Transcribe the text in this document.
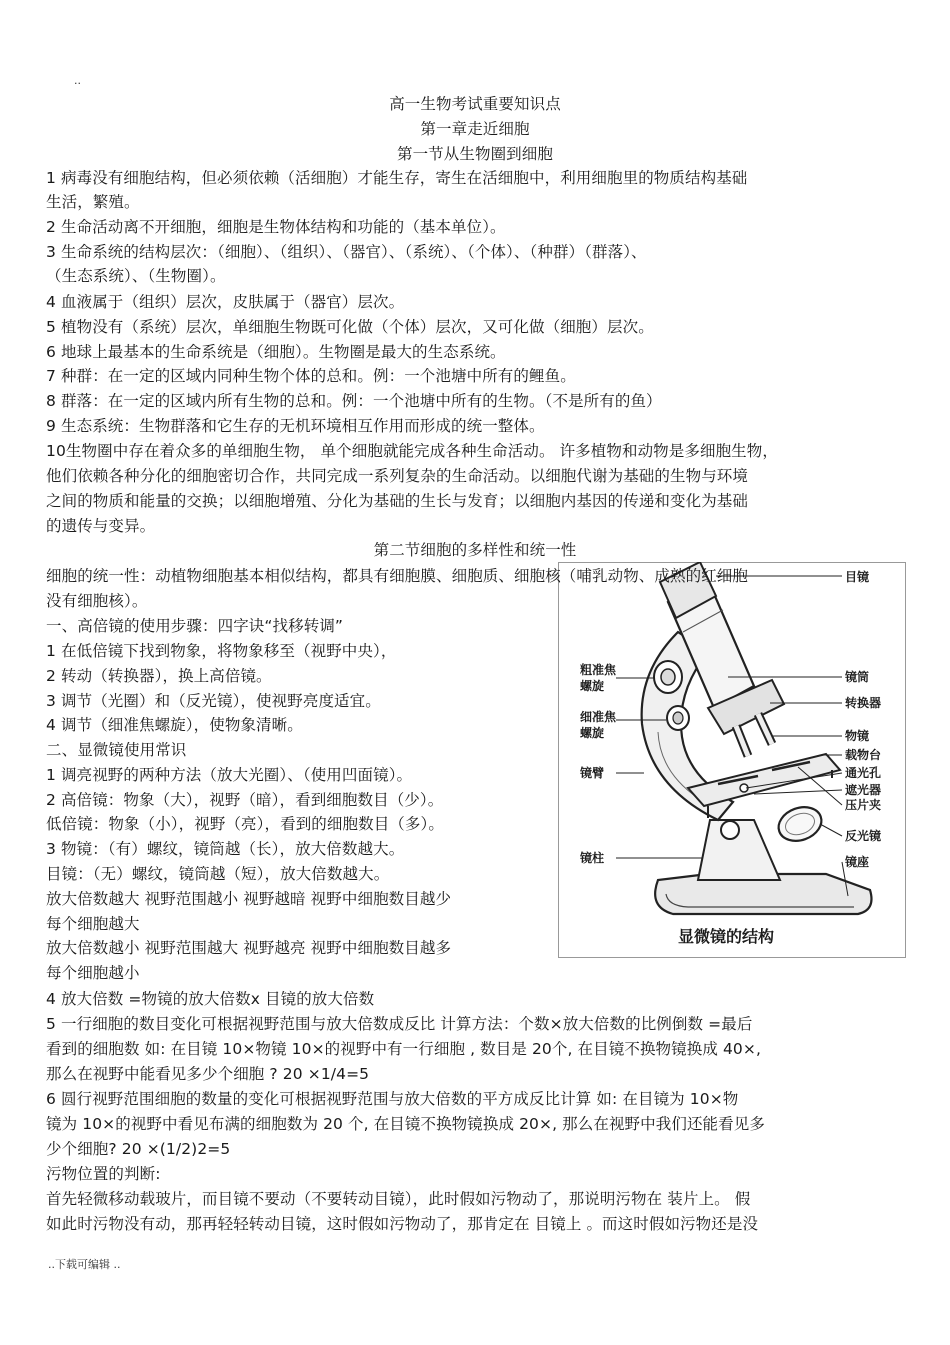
..
高一生物考试重要知识点
第一章走近细胞
第一节从生物圈到细胞
1 病毒没有细胞结构，但必须依赖（活细胞）才能生存，寄生在活细胞中，利用细胞里的物质结构基础
生活，繁殖。
2 生命活动离不开细胞，细胞是生物体结构和功能的（基本单位）。
3 生命系统的结构层次：（细胞）、（组织）、（器官）、（系统）、（个体）、（种群）（群落）、
（生态系统）、（生物圈）。
4 血液属于（组织）层次，皮肤属于（器官）层次。
5 植物没有（系统）层次，单细胞生物既可化做（个体）层次，又可化做（细胞）层次。
6 地球上最基本的生命系统是（细胞）。生物圈是最大的生态系统。
7 种群：在一定的区域内同种生物个体的总和。例：一个池塘中所有的鲤鱼。
8 群落：在一定的区域内所有生物的总和。例：一个池塘中所有的生物。（不是所有的鱼）
9 生态系统：生物群落和它生存的无机环境相互作用而形成的统一整体。
10生物圈中存在着众多的单细胞生物， 单个细胞就能完成各种生命活动。 许多植物和动物是多细胞生物，
他们依赖各种分化的细胞密切合作，共同完成一系列复杂的生命活动。以细胞代谢为基础的生物与环境
之间的物质和能量的交换；以细胞增殖、分化为基础的生长与发育；以细胞内基因的传递和变化为基础
的遗传与变异。
第二节细胞的多样性和统一性
粗准焦
螺旋
细准焦
螺旋
镜臂
镜柱
目镜
镜筒
转换器
物镜
载物台
通光孔
遮光器
压片夹
反光镜
镜座
显微镜的结构
细胞的统一性：动植物细胞基本相似结构，都具有细胞膜、细胞质、细胞核（哺乳动物、成熟的红细胞
没有细胞核）。
一、高倍镜的使用步骤：四字诀“找移转调”
1 在低倍镜下找到物象，将物象移至（视野中央），
2 转动（转换器），换上高倍镜。
3 调节（光圈）和（反光镜），使视野亮度适宜。
4 调节（细准焦螺旋），使物象清晰。
二、显微镜使用常识
1 调亮视野的两种方法（放大光圈）、（使用凹面镜）。
2 高倍镜：物象（大），视野（暗），看到细胞数目（少）。
低倍镜：物象（小），视野（亮），看到的细胞数目（多）。
3 物镜：（有）螺纹，镜筒越（长），放大倍数越大。
目镜：（无）螺纹，镜筒越（短），放大倍数越大。
放大倍数越大 视野范围越小 视野越暗 视野中细胞数目越少
每个细胞越大
放大倍数越小 视野范围越大 视野越亮 视野中细胞数目越多
每个细胞越小
4 放大倍数 =物镜的放大倍数x 目镜的放大倍数
5 一行细胞的数目变化可根据视野范围与放大倍数成反比 计算方法：个数×放大倍数的比例倒数 =最后
看到的细胞数 如: 在目镜 10×物镜 10×的视野中有一行细胞 , 数目是 20个, 在目镜不换物镜换成 40×,
那么在视野中能看见多少个细胞 ? 20 ×1/4=5
6 圆行视野范围细胞的数量的变化可根据视野范围与放大倍数的平方成反比计算 如: 在目镜为 10×物
镜为 10×的视野中看见布满的细胞数为 20 个, 在目镜不换物镜换成 20×, 那么在视野中我们还能看见多
少个细胞? 20 ×(1/2)2=5
污物位置的判断:
首先轻微移动载玻片，而目镜不要动（不要转动目镜），此时假如污物动了，那说明污物在 装片上。 假
如此时污物没有动，那再轻轻转动目镜，这时假如污物动了，那肯定在 目镜上 。而这时假如污物还是没
..下载可编辑 ..
